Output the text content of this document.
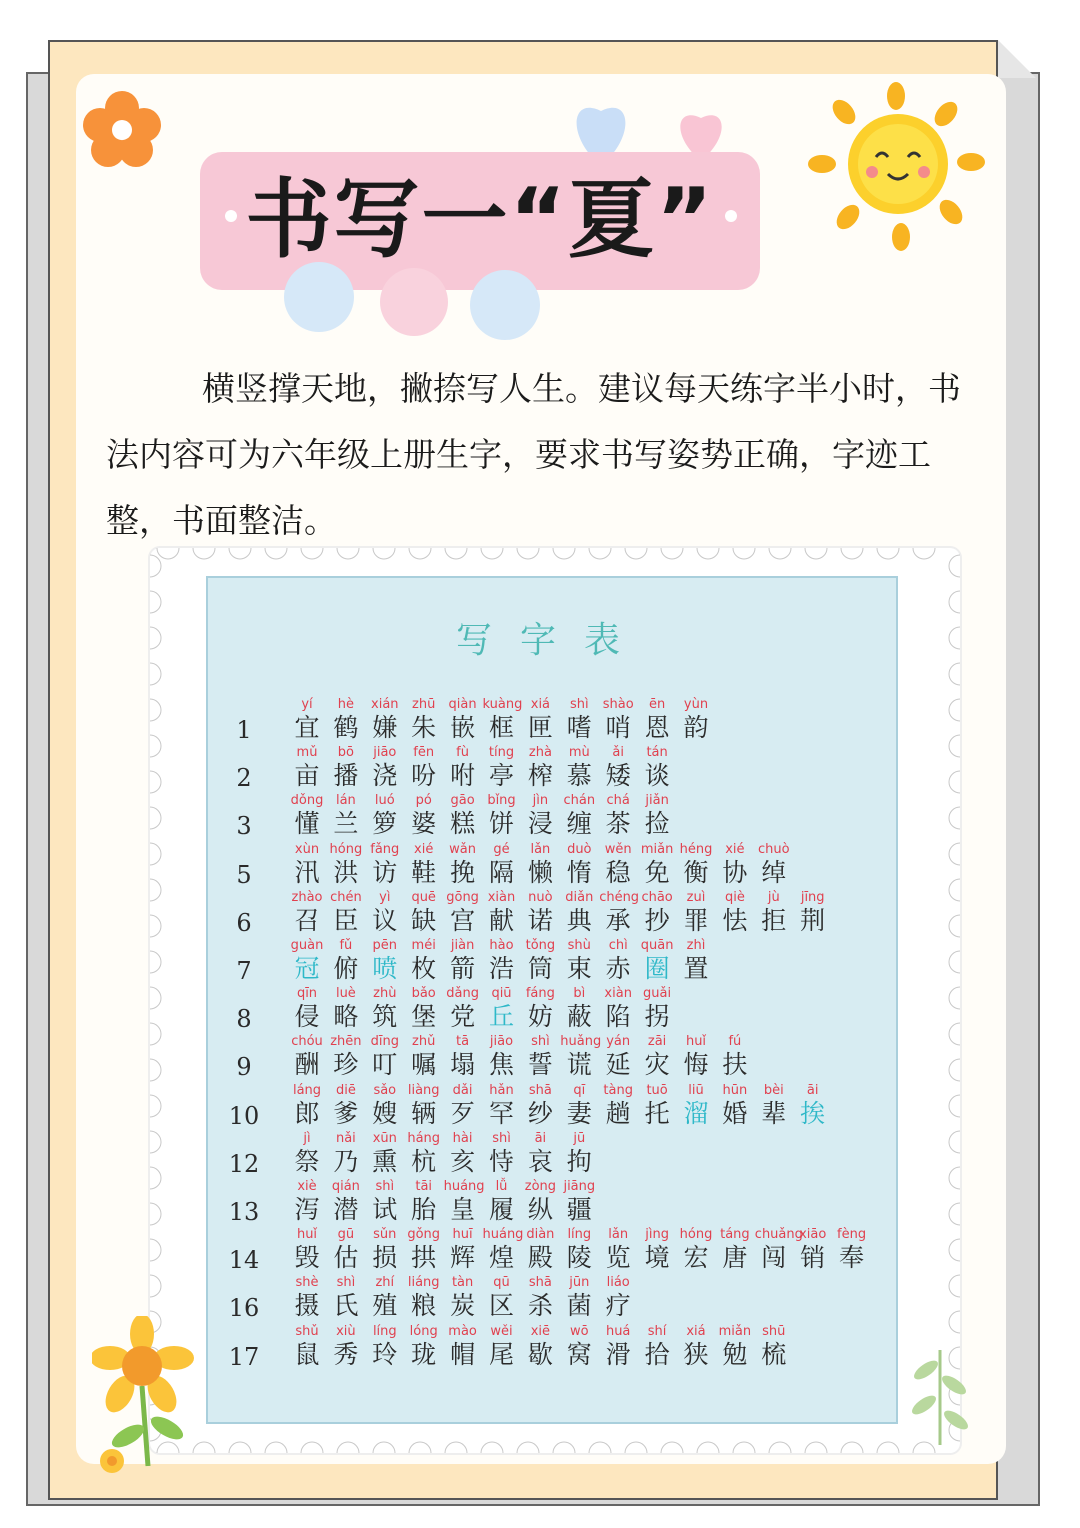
书写一“夏”

横竖撑天地，撇捺写人生。建议每天练字半小时，书法内容可为六年级上册生字，要求书写姿势正确，字迹工整，书面整洁。

写字表
1
yí
宜
hè
鹤
xián
嫌
zhū
朱
qiàn
嵌
kuàng
框
xiá
匣
shì
嗜
shào
哨
ēn
恩
yùn
韵
2
mǔ
亩
bō
播
jiāo
浇
fēn
吩
fù
咐
tíng
亭
zhà
榨
mù
慕
ǎi
矮
tán
谈
3
dǒng
懂
lán
兰
luó
箩
pó
婆
gāo
糕
bǐng
饼
jìn
浸
chán
缠
chá
茶
jiǎn
捡
5
xùn
汛
hóng
洪
fǎng
访
xié
鞋
wǎn
挽
gé
隔
lǎn
懒
duò
惰
wěn
稳
miǎn
免
héng
衡
xié
协
chuò
绰
6
zhào
召
chén
臣
yì
议
quē
缺
gōng
宫
xiàn
献
nuò
诺
diǎn
典
chéng
承
chāo
抄
zuì
罪
qiè
怯
jù
拒
jīng
荆
7
guàn
冠
fǔ
俯
pēn
喷
méi
枚
jiàn
箭
hào
浩
tǒng
筒
shù
束
chì
赤
quān
圈
zhì
置
8
qīn
侵
luè
略
zhù
筑
bǎo
堡
dǎng
党
qiū
丘
fáng
妨
bì
蔽
xiàn
陷
guǎi
拐
9
chóu
酬
zhēn
珍
dīng
叮
zhǔ
嘱
tā
塌
jiāo
焦
shì
誓
huǎng
谎
yán
延
zāi
灾
huǐ
悔
fú
扶
10
láng
郎
diē
爹
sǎo
嫂
liàng
辆
dǎi
歹
hǎn
罕
shā
纱
qī
妻
tàng
趟
tuō
托
liū
溜
hūn
婚
bèi
辈
āi
挨
12
jì
祭
nǎi
乃
xūn
熏
háng
杭
hài
亥
shì
恃
āi
哀
jū
拘
13
xiè
泻
qián
潜
shì
试
tāi
胎
huáng
皇
lǚ
履
zòng
纵
jiāng
疆
14
huǐ
毁
gū
估
sǔn
损
gǒng
拱
huī
辉
huáng
煌
diàn
殿
líng
陵
lǎn
览
jìng
境
hóng
宏
táng
唐
chuǎng
闯
xiāo
销
fèng
奉
16
shè
摄
shì
氏
zhí
殖
liáng
粮
tàn
炭
qū
区
shā
杀
jūn
菌
liáo
疗
17
shǔ
鼠
xiù
秀
líng
玲
lóng
珑
mào
帽
wěi
尾
xiē
歇
wō
窝
huá
滑
shí
拾
xiá
狭
miǎn
勉
shū
梳
